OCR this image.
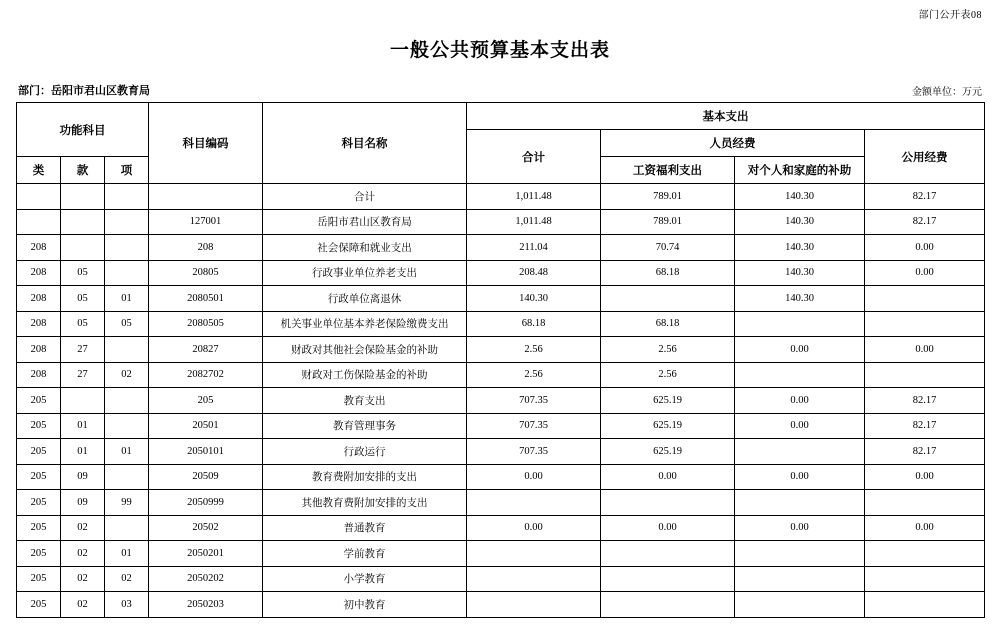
部门公开表08
一般公共预算基本支出表
部门：岳阳市君山区教育局	金额单位：万元
功能科目			科目编码	科目名称	基本支出			
					合计	人员经费		公用经费
类	款	项				工资福利支出	对个人和家庭的补助	
				合计	1,011.48	789.01	140.30	82.17
			127001	岳阳市君山区教育局	1,011.48	789.01	140.30	82.17
208			208	社会保障和就业支出	211.04	70.74	140.30	0.00
208	05		20805	行政事业单位养老支出	208.48	68.18	140.30	0.00
208	05	01	2080501	行政单位离退休	140.30		140.30	
208	05	05	2080505	机关事业单位基本养老保险缴费支出	68.18	68.18		
208	27		20827	财政对其他社会保险基金的补助	2.56	2.56	0.00	0.00
208	27	02	2082702	财政对工伤保险基金的补助	2.56	2.56		
205			205	教育支出	707.35	625.19	0.00	82.17
205	01		20501	教育管理事务	707.35	625.19	0.00	82.17
205	01	01	2050101	行政运行	707.35	625.19		82.17
205	09		20509	教育费附加安排的支出	0.00	0.00	0.00	0.00
205	09	99	2050999	其他教育费附加安排的支出				
205	02		20502	普通教育	0.00	0.00	0.00	0.00
205	02	01	2050201	学前教育				
205	02	02	2050202	小学教育				
205	02	03	2050203	初中教育				
